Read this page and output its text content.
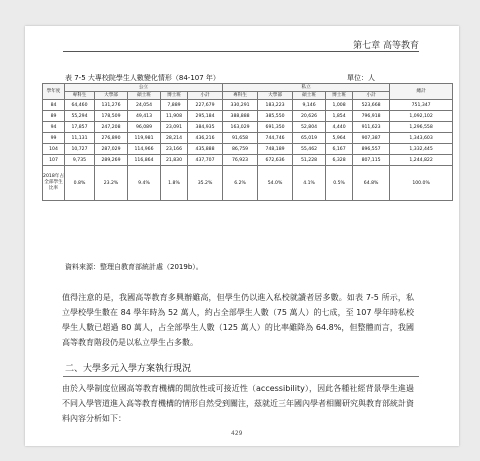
第七章 高等教育
表 7-5 大專校院學生人數變化情形（84-107 年）	單位：人
學年度	公立					私立					總計
	專科生	大學部	碩士班	博士班	小計	專科生	大學部	碩士班	博士班	小計	
84	64,460	131,276	24,054	7,889	227,679	330,291	183,223	9,146	1,008	523,668	751,347
89	55,294	178,509	49,413	11,908	295,184	388,888	385,550	20,626	1,854	796,918	1,092,102
94	17,857	247,208	96,089	23,091	384,935	163,029	691,350	52,804	4,440	911,623	1,296,558
99	11,131	276,890	119,981	28,214	436,216	91,658	744,746	65,019	5,964	907,387	1,343,603
104	10,727	287,029	114,966	23,166	435,888	86,759	748,189	55,462	6,167	896,557	1,332,445
107	9,735	289,269	116,864	21,830	437,707	76,923	672,636	51,228	6,328	807,115	1,244,822
2018年占全部學生比率	0.8%	23.2%	9.4%	1.8%	35.2%	6.2%	54.0%	4.1%	0.5%	64.8%	100.0%
資料來源：整理自教育部統計處（2019b）。
值得注意的是，我國高等教育多興辦雖高，但學生仍以進入私校就讀者居多數。如表 7-5 所示，私立學校學生數在 84 學年時為 52 萬人，約占全部學生人數（75 萬人）的七成，至 107 學年時私校學生人數已超過 80 萬人，占全部學生人數（125 萬人）的比率雖降為 64.8%，但整體而言，我國高等教育階段仍是以私立學生占多數。
二、大學多元入學方案執行現況
由於入學制度位國高等教育機構的開放性或可接近性（accessibility），因此各種社經背景學生進過不同入學管道進入高等教育機構的情形自然受到關注，茲就近三年國內學者相關研究與教育部統計資料內容分析如下：
429
